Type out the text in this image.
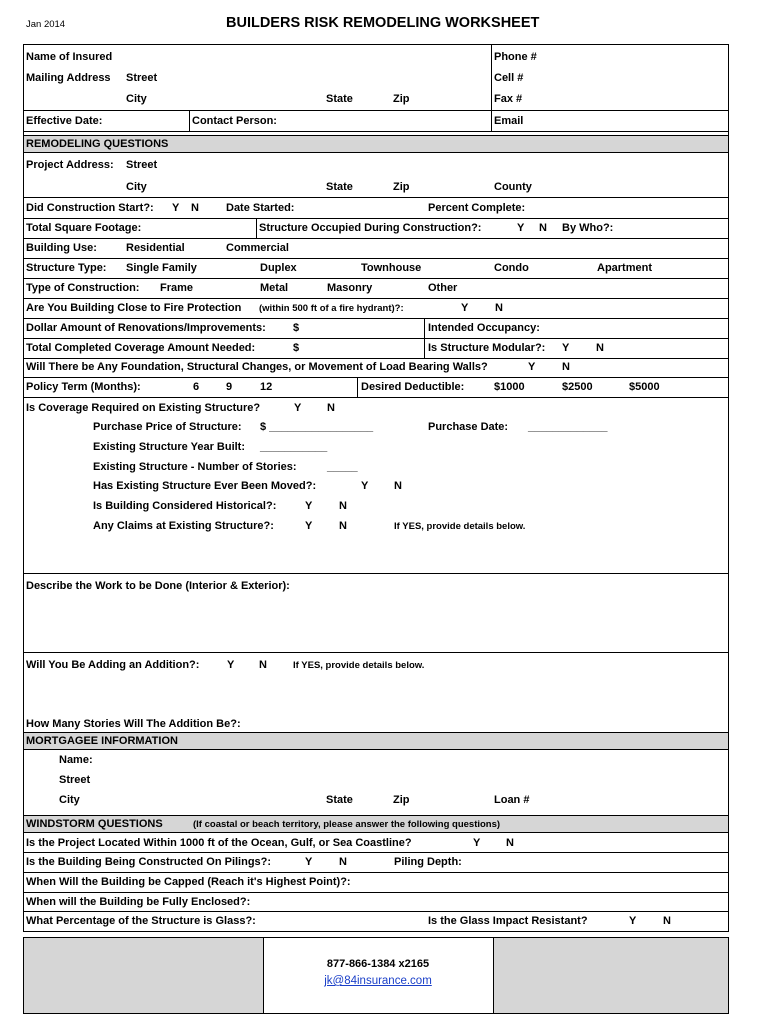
Jan 2014	BUILDERS RISK REMODELING WORKSHEET
Name of Insured	Phone #
Mailing Address Street	Cell #
City	State	Zip	Fax #
Effective Date:	Contact Person:	Email
REMODELING QUESTIONS
Project Address: Street
City	State	Zip	County
Did Construction Start?: Y N Date Started:	Percent Complete:
Total Square Footage:	Structure Occupied During Construction?:	Y N By Who?:
Building Use:	Residential	Commercial
Structure Type: Single Family	Duplex	Townhouse	Condo	Apartment
Type of Construction: Frame	Metal	Masonry	Other
Are You Building Close to Fire Protection (within 500 ft of a fire hydrant)?:	Y N
Dollar Amount of Renovations/Improvements: $	Intended Occupancy:
Total Completed Coverage Amount Needed:	$	Is Structure Modular?: Y N
Will There be Any Foundation, Structural Changes, or Movement of Load Bearing Walls?	Y N
Policy Term (Months):	6 9	12	Desired Deductible:	$1000	$2500	$5000
Is Coverage Required on Existing Structure?	Y N
Purchase Price of Structure: $ _________________	Purchase Date: _____________
Existing Structure Year Built: ___________
Existing Structure - Number of Stories:	_____
Has Existing Structure Ever Been Moved?:	Y N
Is Building Considered Historical?:	Y N
Any Claims at Existing Structure?:	Y N	If YES, provide details below.
Describe the Work to be Done (Interior & Exterior):
Will You Be Adding an Addition?:	Y N	If YES, provide details below.
How Many Stories Will The Addition Be?:
MORTGAGEE INFORMATION
Name:
Street
City	State	Zip	Loan #
WINDSTORM QUESTIONS	(If coastal or beach territory, please answer the following questions)
Is the Project Located Within 1000 ft of the Ocean, Gulf, or Sea Coastline?	Y N
Is the Building Being Constructed On Pilings?:	Y N	Piling Depth:
When Will the Building be Capped (Reach it's Highest Point)?:
When will the Building be Fully Enclosed?:
What Percentage of the Structure is Glass?:	Is the Glass Impact Resistant?	Y N
877-866-1384 x2165
jk@84insurance.com
